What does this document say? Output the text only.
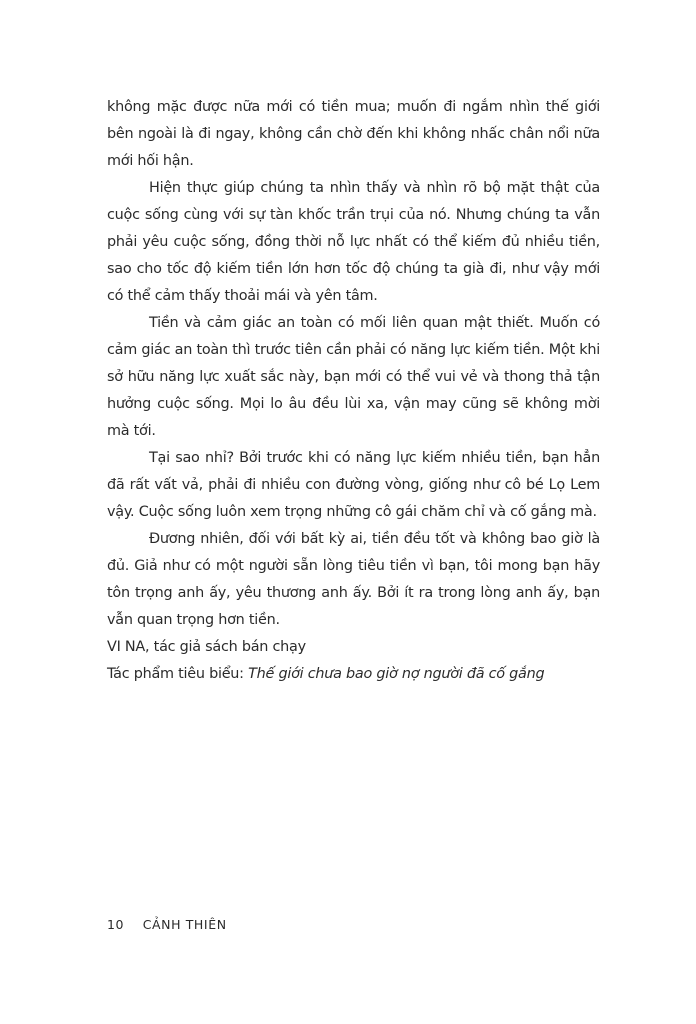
không mặc được nữa mới có tiền mua; muốn đi ngắm nhìn thế giới bên ngoài là đi ngay, không cần chờ đến khi không nhấc chân nổi nữa mới hối hận.

Hiện thực giúp chúng ta nhìn thấy và nhìn rõ bộ mặt thật của cuộc sống cùng với sự tàn khốc trần trụi của nó. Nhưng chúng ta vẫn phải yêu cuộc sống, đồng thời nỗ lực nhất có thể kiếm đủ nhiều tiền, sao cho tốc độ kiếm tiền lớn hơn tốc độ chúng ta già đi, như vậy mới có thể cảm thấy thoải mái và yên tâm.

Tiền và cảm giác an toàn có mối liên quan mật thiết. Muốn có cảm giác an toàn thì trước tiên cần phải có năng lực kiếm tiền. Một khi sở hữu năng lực xuất sắc này, bạn mới có thể vui vẻ và thong thả tận hưởng cuộc sống. Mọi lo âu đều lùi xa, vận may cũng sẽ không mời mà tới.

Tại sao nhỉ? Bởi trước khi có năng lực kiếm nhiều tiền, bạn hẳn đã rất vất vả, phải đi nhiều con đường vòng, giống như cô bé Lọ Lem vậy. Cuộc sống luôn xem trọng những cô gái chăm chỉ và cố gắng mà.

Đương nhiên, đối với bất kỳ ai, tiền đều tốt và không bao giờ là đủ. Giả như có một người sẵn lòng tiêu tiền vì bạn, tôi mong bạn hãy tôn trọng anh ấy, yêu thương anh ấy. Bởi ít ra trong lòng anh ấy, bạn vẫn quan trọng hơn tiền.

VI NA, tác giả sách bán chạy

Tác phẩm tiêu biểu: Thế giới chưa bao giờ nợ người đã cố gắng

10 CẢNH THIÊN
